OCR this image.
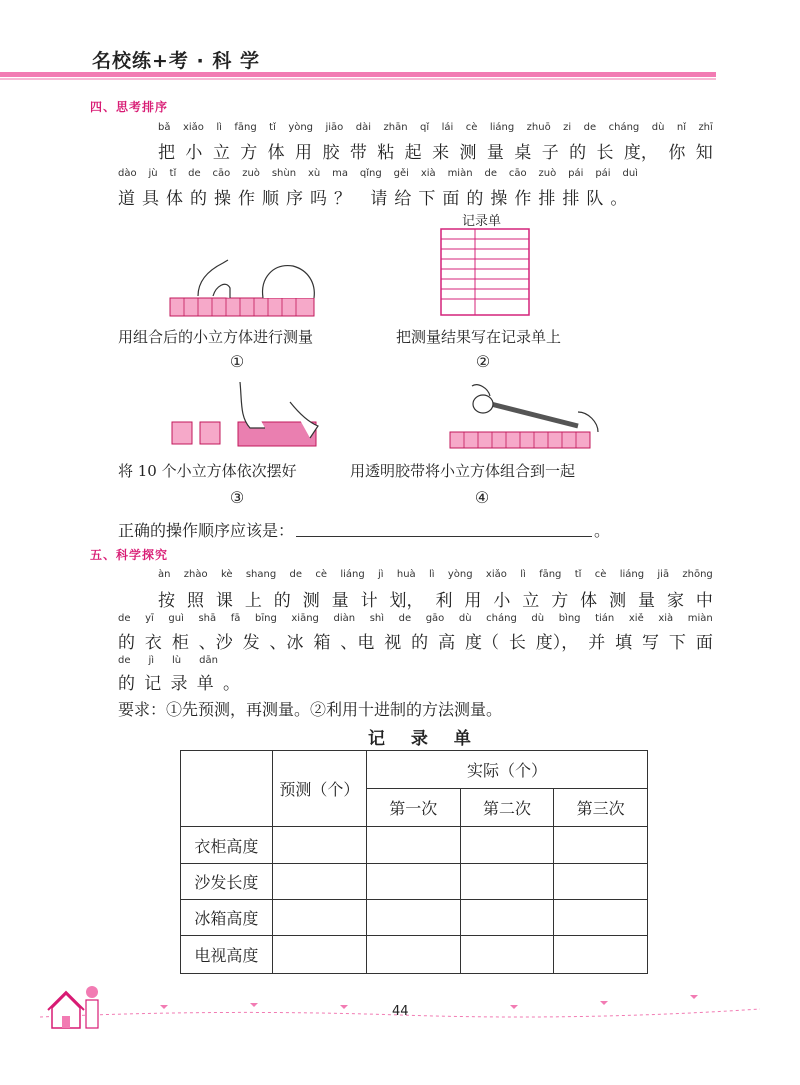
名校练+考 · 科 学
四、思考排序
bǎ xiǎo lì fāng tǐ yòng jiāo dài zhān qǐ lái cè liáng zhuō zi de cháng dù nǐ zhī
把 小 立 方 体 用 胶 带 粘 起 来 测 量 桌 子 的 长 度， 你 知
dào jù tǐ de cāo zuò shùn xù ma qǐng gěi xià miàn de cāo zuò pái pái duì
道具体的操作顺序吗？ 请给下面的操作排排队。
记录单
用组合后的小立方体进行测量
①
把测量结果写在记录单上
②
将 10 个小立方体依次摆好
③
用透明胶带将小立方体组合到一起
④
正确的操作顺序应该是：	。
五、科学探究
àn zhào kè shang de cè liáng jì huà lì yòng xiǎo lì fāng tǐ cè liáng jiā zhōng
按 照 课 上 的 测 量 计 划， 利 用 小 立 方 体 测 量 家 中
de yī guì shā fā bīng xiāng diàn shì de gāo dù cháng dù bìng tián xiě xià miàn
的 衣 柜 、沙 发 、冰 箱 、电 视 的 高 度（ 长 度）， 并 填 写 下 面
de jì lù dān
的 记 录 单 。
要求：①先预测，再测量。②利用十进制的方法测量。
记 录 单
	预测（个）	实际（个）		
		第一次	第二次	第三次
衣柜高度				
沙发长度				
冰箱高度				
电视高度				
44
